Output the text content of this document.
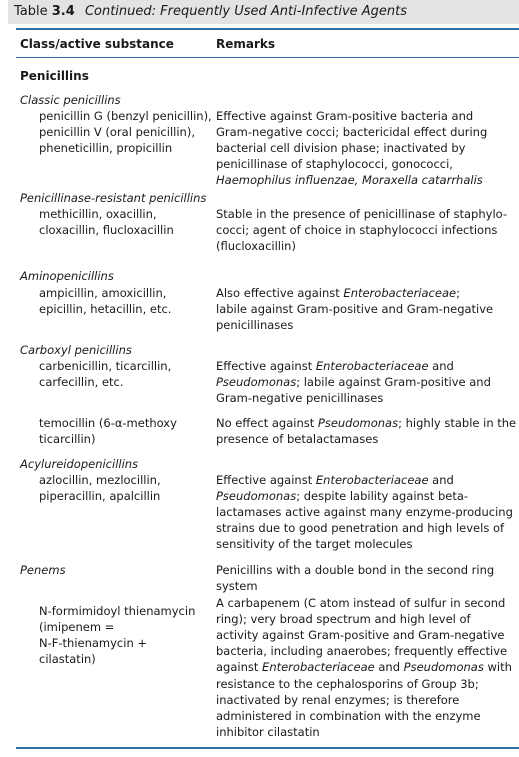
Table 3.4 Continued: Frequently Used Anti-Infective Agents
Class/active substance	Remarks
Penicillins
Classic penicillins
penicillin G (benzyl penicillin),
penicillin V (oral penicillin),
pheneticillin, propicillin
Effective against Gram-positive bacteria and
Gram-negative cocci; bactericidal effect during
bacterial cell division phase; inactivated by
penicillinase of staphylococci, gonococci,
Haemophilus influenzae, Moraxella catarrhalis
Penicillinase-resistant penicillins
methicillin, oxacillin,
cloxacillin, flucloxacillin
Stable in the presence of penicillinase of staphylo-
cocci; agent of choice in staphylococci infections
(flucloxacillin)
Aminopenicillins
ampicillin, amoxicillin,
epicillin, hetacillin, etc.
Also effective against Enterobacteriaceae;
labile against Gram-positive and Gram-negative
penicillinases
Carboxyl penicillins
carbenicillin, ticarcillin,
carfecillin, etc.
Effective against Enterobacteriaceae and
Pseudomonas; labile against Gram-positive and
Gram-negative penicillinases
temocillin (6-α-methoxy
ticarcillin)
No effect against Pseudomonas; highly stable in the
presence of betalactamases
Acylureidopenicillins
azlocillin, mezlocillin,
piperacillin, apalcillin
Effective against Enterobacteriaceae and
Pseudomonas; despite lability against beta-
lactamases active against many enzyme-producing
strains due to good penetration and high levels of
sensitivity of the target molecules
Penems	Penicillins with a double bond in the second ring
system
N-formimidoyl thienamycin
(imipenem =
N-F-thienamycin +
cilastatin)
A carbapenem (C atom instead of sulfur in second
ring); very broad spectrum and high level of
activity against Gram-positive and Gram-negative
bacteria, including anaerobes; frequently effective
against Enterobacteriaceae and Pseudomonas with
resistance to the cephalosporins of Group 3b;
inactivated by renal enzymes; is therefore
administered in combination with the enzyme
inhibitor cilastatin
